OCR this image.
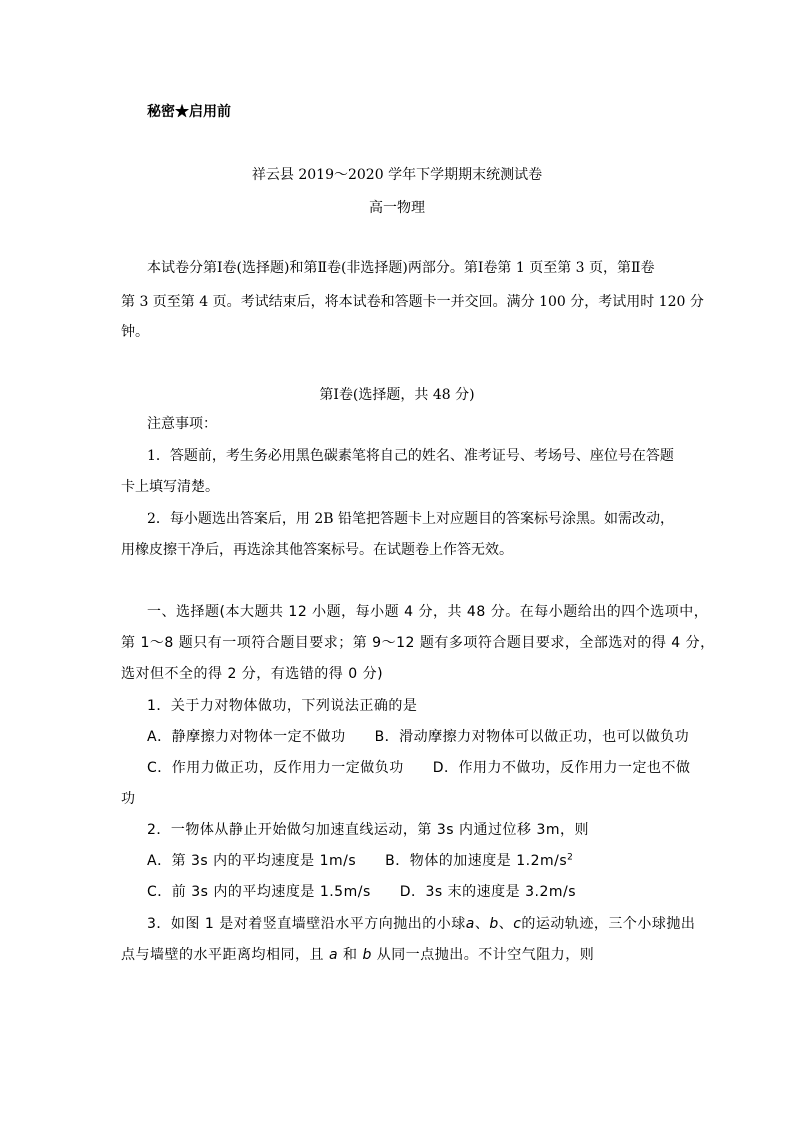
秘密★启用前
祥云县 2019～2020 学年下学期期末统测试卷
高一物理
本试卷分第Ⅰ卷(选择题)和第Ⅱ卷(非选择题)两部分。第Ⅰ卷第 1 页至第 3 页，第Ⅱ卷
第 3 页至第 4 页。考试结束后，将本试卷和答题卡一并交回。满分 100 分，考试用时 120 分
钟。
第Ⅰ卷(选择题，共 48 分)
注意事项：
1．答题前，考生务必用黑色碳素笔将自己的姓名、准考证号、考场号、座位号在答题
卡上填写清楚。
2．每小题选出答案后，用 2B 铅笔把答题卡上对应题目的答案标号涂黑。如需改动，
用橡皮擦干净后，再选涂其他答案标号。在试题卷上作答无效。
一、选择题(本大题共 12 小题，每小题 4 分，共 48 分。在每小题给出的四个选项中，
第 1～8 题只有一项符合题目要求；第 9～12 题有多项符合题目要求，全部选对的得 4 分，
选对但不全的得 2 分，有选错的得 0 分)
1．关于力对物体做功，下列说法正确的是
A．静摩擦力对物体一定不做功　　B．滑动摩擦力对物体可以做正功，也可以做负功
C．作用力做正功，反作用力一定做负功　　D．作用力不做功，反作用力一定也不做
功
2．一物体从静止开始做匀加速直线运动，第 3s 内通过位移 3m，则
A．第 3s 内的平均速度是 1m/s　　B．物体的加速度是 $1.2m/s^2$
C．前 3s 内的平均速度是 1.5m/s　　D．3s 末的速度是 3.2m/s
3．如图 1 是对着竖直墙壁沿水平方向抛出的小球a、b、c的运动轨迹，三个小球抛出
点与墙壁的水平距离均相同，且 a 和 b 从同一点抛出。不计空气阻力，则
